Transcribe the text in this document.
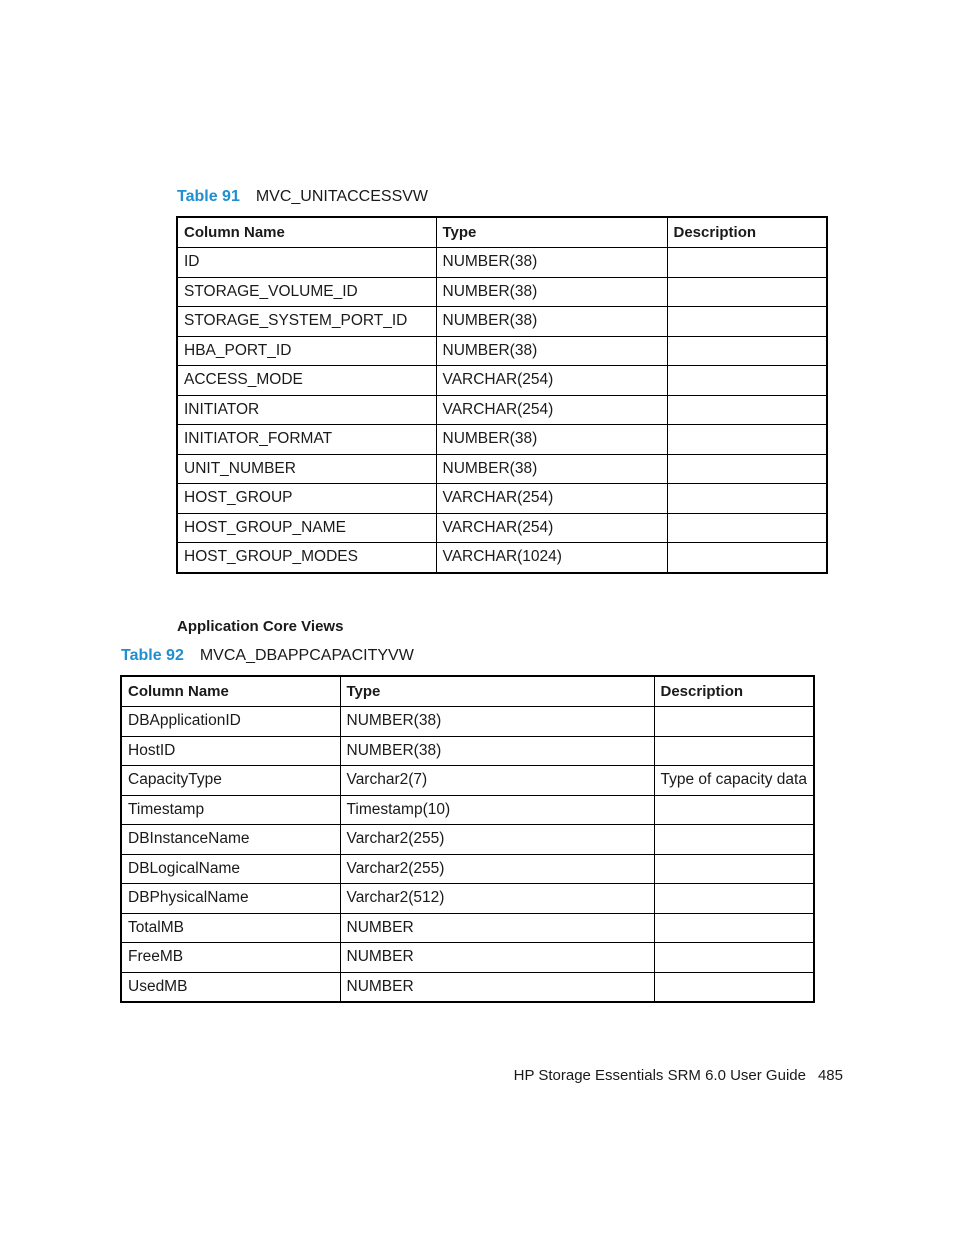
Table 91 MVC_UNITACCESSVW
Column Name	Type	Description
ID	NUMBER(38)	
STORAGE_VOLUME_ID	NUMBER(38)	
STORAGE_SYSTEM_PORT_ID	NUMBER(38)	
HBA_PORT_ID	NUMBER(38)	
ACCESS_MODE	VARCHAR(254)	
INITIATOR	VARCHAR(254)	
INITIATOR_FORMAT	NUMBER(38)	
UNIT_NUMBER	NUMBER(38)	
HOST_GROUP	VARCHAR(254)	
HOST_GROUP_NAME	VARCHAR(254)	
HOST_GROUP_MODES	VARCHAR(1024)	
Application Core Views
Table 92 MVCA_DBAPPCAPACITYVW
Column Name	Type	Description
DBApplicationID	NUMBER(38)	
HostID	NUMBER(38)	
CapacityType	Varchar2(7)	Type of capacity data
Timestamp	Timestamp(10)	
DBInstanceName	Varchar2(255)	
DBLogicalName	Varchar2(255)	
DBPhysicalName	Varchar2(512)	
TotalMB	NUMBER	
FreeMB	NUMBER	
UsedMB	NUMBER	
HP Storage Essentials SRM 6.0 User Guide 485
